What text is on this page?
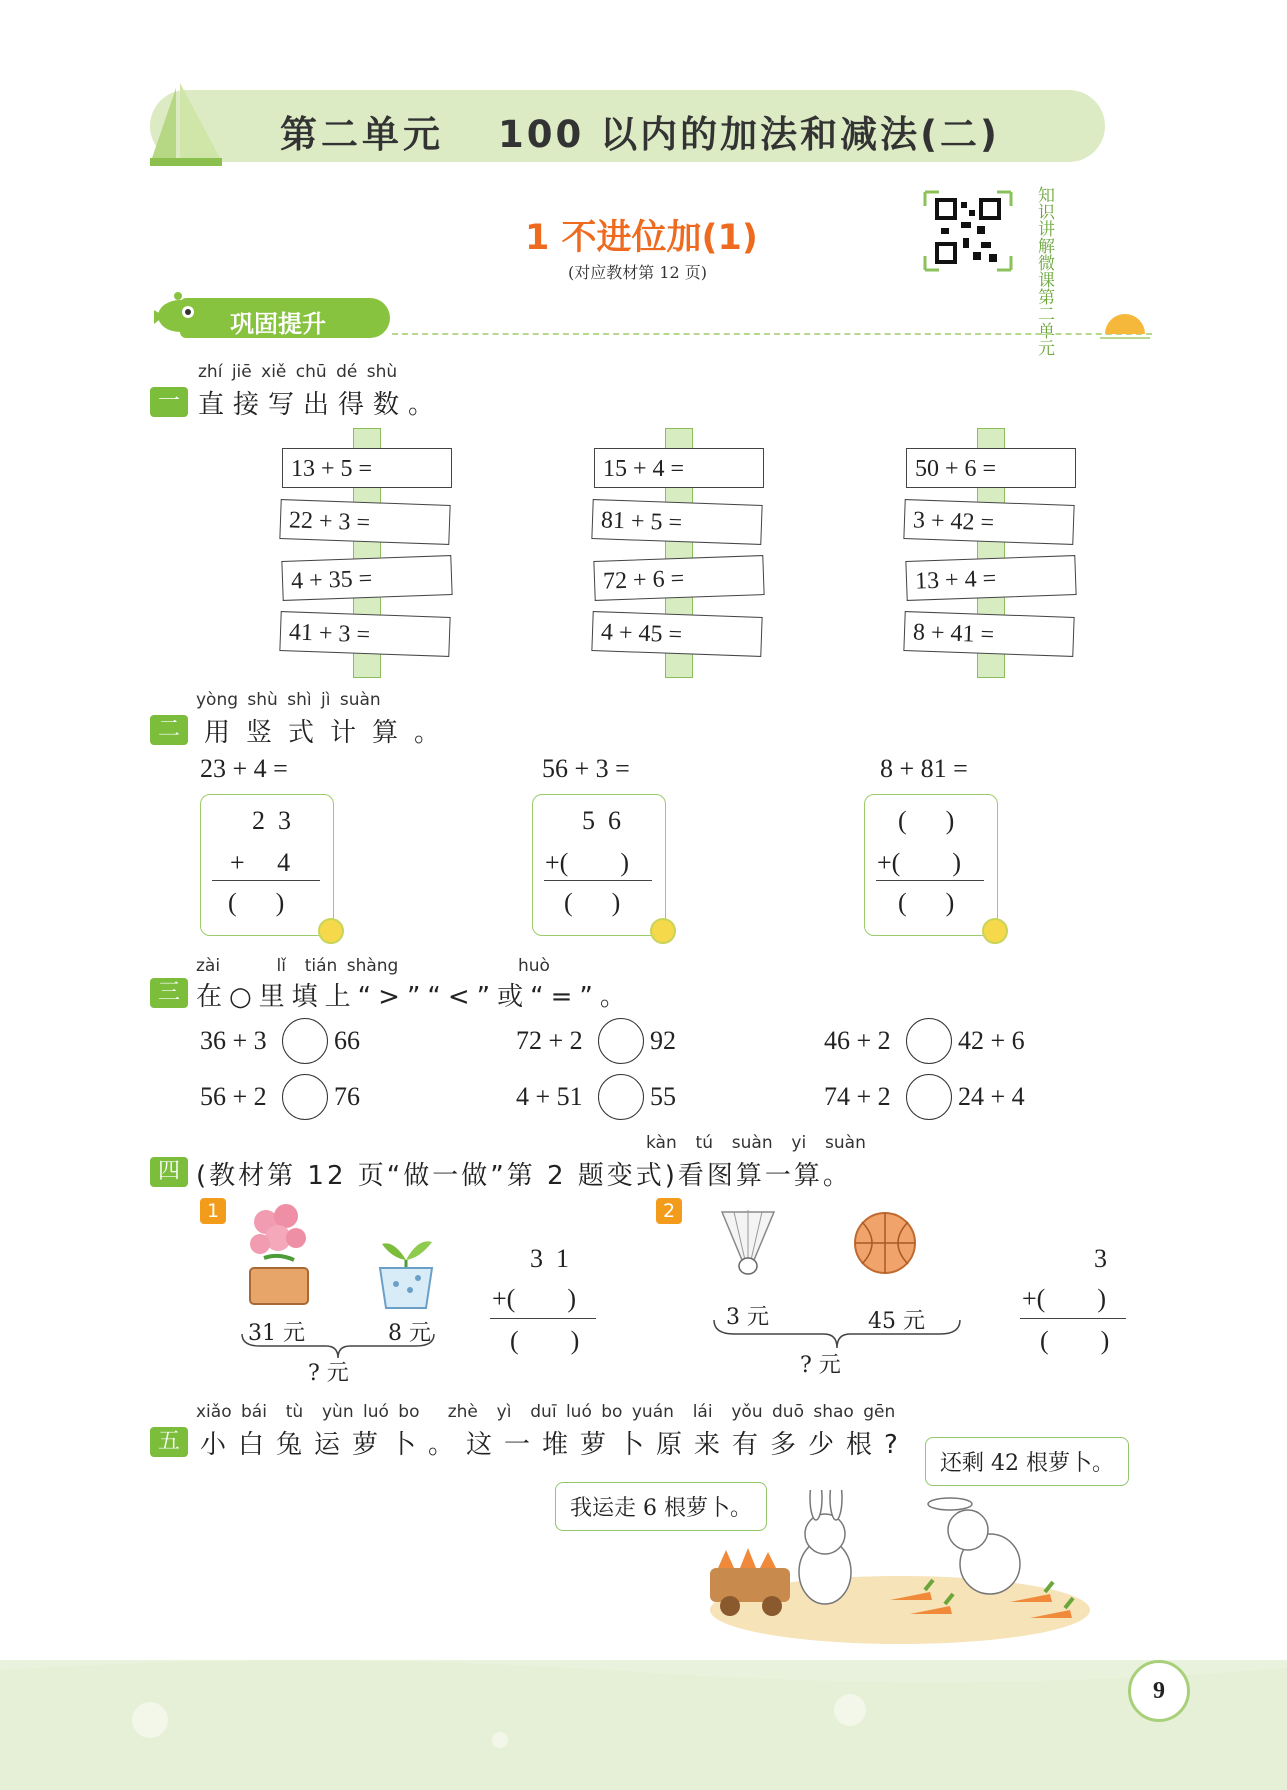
第二单元 100 以内的加法和减法(二)
1 不进位加(1)
(对应教材第 12 页)	知识讲解微课第二单元
巩固提升
zhí jiē xiě chū dé shù
一 直接写出得数。
13 + 5 =
22 + 3 =
4 + 35 =
41 + 3 =
15 + 4 =
81 + 5 =
72 + 6 =
4 + 45 =
50 + 6 =
3 + 42 =
13 + 4 =
8 + 41 =
yòng shù shì jì suàn
二 用竖式计算。
23 + 4 =
2  3
+     4
(      )
56 + 3 =
5  6
+(        )
(      )
8 + 81 =
(      )
+(        )
(      )
zài      lǐ  tián shàng	huò
三 在○里填上“>”“<”或“=”。
36 + 3	66	72 + 2	92	46 + 2	42 + 6
56 + 2	76	4 + 51	55	74 + 2	24 + 4
kàn  tú  suàn  yi  suàn
四 (教材第 12 页“做一做”第 2 题变式)看图算一算。
1
31 元	8 元
? 元
3  1
+(        )
(        )
2
3 元	45 元
? 元
3
+(        )
(        )
xiǎo bái  tù  yùn luó bo   zhè  yì  duī luó bo yuán  lái  yǒu duō shao gēn
五 小白兔运萝卜。这一堆萝卜原来有多少根?
我运走 6 根萝卜。
还剩 42 根萝卜。
9
